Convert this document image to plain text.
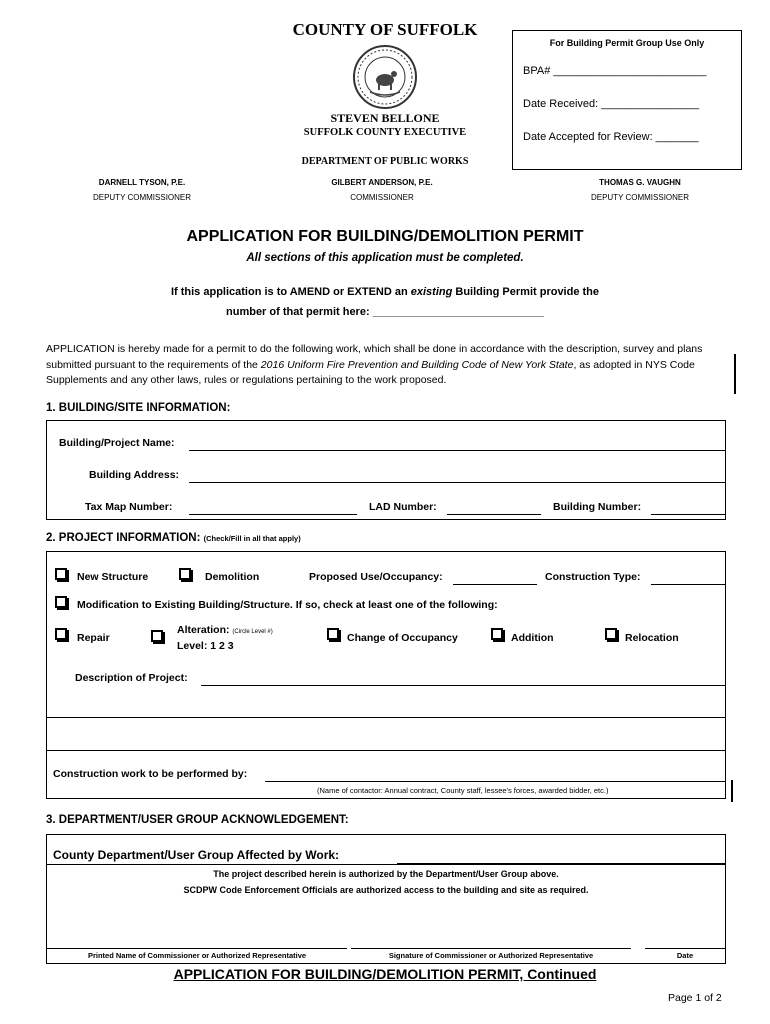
COUNTY OF SUFFOLK
STEVEN BELLONE
SUFFOLK COUNTY EXECUTIVE
DEPARTMENT OF PUBLIC WORKS
DARNELL TYSON, P.E.
DEPUTY COMMISSIONER
GILBERT ANDERSON, P.E.
COMMISSIONER
THOMAS G. VAUGHN
DEPUTY COMMISSIONER
For Building Permit Group Use Only
BPA# _________________________
Date Received: ________________
Date Accepted for Review: _______
APPLICATION FOR BUILDING/DEMOLITION PERMIT
All sections of this application must be completed.
If this application is to AMEND or EXTEND an existing Building Permit provide the
number of that permit here: ____________________________
APPLICATION is hereby made for a permit to do the following work, which shall be done in accordance with the description, survey and plans submitted pursuant to the requirements of the 2016 Uniform Fire Prevention and Building Code of New York State, as adopted in NYS Code Supplements and any other laws, rules or regulations pertaining to the work proposed.
1. BUILDING/SITE INFORMATION:
Building/Project Name:
Building Address:
Tax Map Number:	LAD Number:	Building Number:
2. PROJECT INFORMATION: (Check/Fill in all that apply)
New Structure	Demolition	Proposed Use/Occupancy:	Construction Type:
Modification to Existing Building/Structure. If so, check at least one of the following:
Repair
Alteration: (Circle Level #)
Level: 1 2 3
Change of Occupancy	Addition	Relocation
Description of Project:
Construction work to be performed by:
(Name of contactor: Annual contract, County staff, lessee's forces, awarded bidder, etc.)
3. DEPARTMENT/USER GROUP ACKNOWLEDGEMENT:
County Department/User Group Affected by Work:
The project described herein is authorized by the Department/User Group above.
SCDPW Code Enforcement Officials are authorized access to the building and site as required.
Printed Name of Commissioner or Authorized Representative	Signature of Commissioner or Authorized Representative	Date
APPLICATION FOR BUILDING/DEMOLITION PERMIT, Continued
Page 1 of 2
